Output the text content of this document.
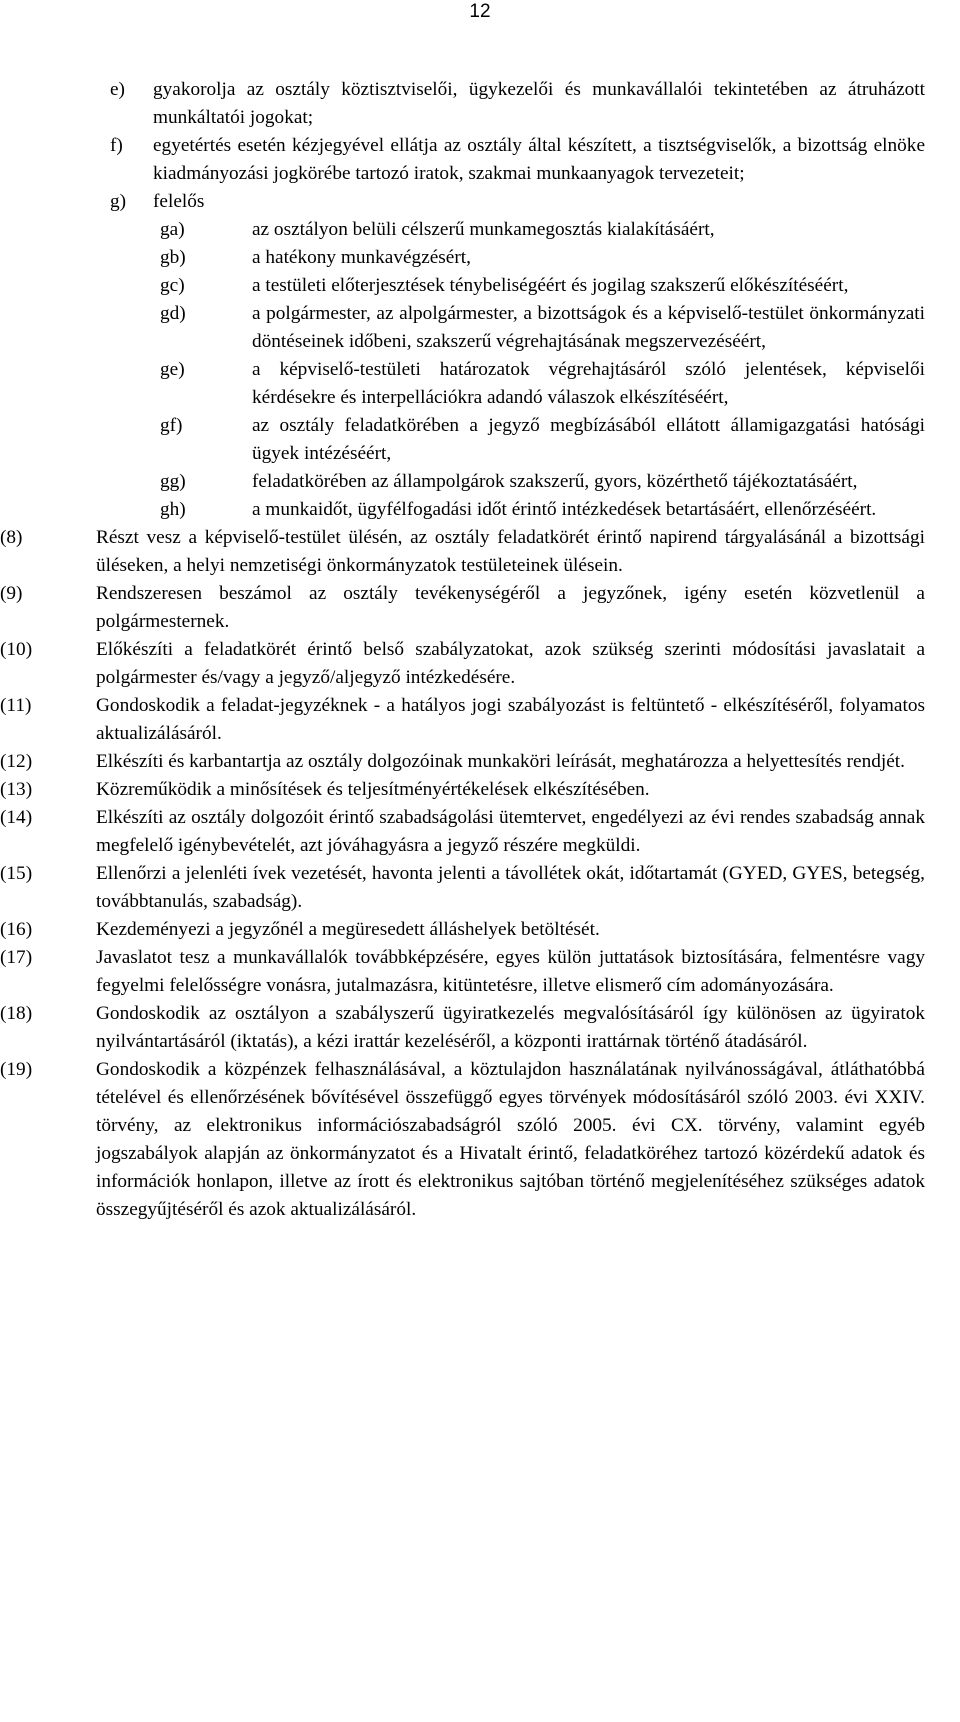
12
e) gyakorolja az osztály köztisztviselői, ügykezelői és munkavállalói tekintetében az átruházott munkáltatói jogokat;
f) egyetértés esetén kézjegyével ellátja az osztály által készített, a tisztségviselők, a bizottság elnöke kiadmányozási jogkörébe tartozó iratok, szakmai munkaanyagok tervezeteit;
g) felelős
ga)	az osztályon belüli célszerű munkamegosztás kialakításáért,
gb)	a hatékony munkavégzésért,
gc)	a testületi előterjesztések ténybeliségéért és jogilag szakszerű előkészítéséért,
gd)	a polgármester, az alpolgármester, a bizottságok és a képviselő-testület önkormányzati döntéseinek időbeni, szakszerű végrehajtásának megszervezéséért,
ge)	a képviselő-testületi határozatok végrehajtásáról szóló jelentések, képviselői kérdésekre és interpellációkra adandó válaszok elkészítéséért,
gf)	az osztály feladatkörében a jegyző megbízásából ellátott államigazgatási hatósági ügyek intézéséért,
gg)	feladatkörében az állampolgárok szakszerű, gyors, közérthető tájékoztatásáért,
gh)	a munkaidőt, ügyfélfogadási időt érintő intézkedések betartásáért, ellenőrzéséért.
(8)	Részt vesz a képviselő-testület ülésén, az osztály feladatkörét érintő napirend tárgyalásánál a bizottsági üléseken, a helyi nemzetiségi önkormányzatok testületeinek ülésein.
(9)	Rendszeresen beszámol az osztály tevékenységéről a jegyzőnek, igény esetén közvetlenül a polgármesternek.
(10)	Előkészíti a feladatkörét érintő belső szabályzatokat, azok szükség szerinti módosítási javaslatait a polgármester és/vagy a jegyző/aljegyző intézkedésére.
(11)	Gondoskodik a feladat-jegyzéknek - a hatályos jogi szabályozást is feltüntető - elkészítéséről, folyamatos aktualizálásáról.
(12)	Elkészíti és karbantartja az osztály dolgozóinak munkaköri leírását, meghatározza a helyettesítés rendjét.
(13)	Közreműködik a minősítések és teljesítményértékelések elkészítésében.
(14)	Elkészíti az osztály dolgozóit érintő szabadságolási ütemtervet, engedélyezi az évi rendes szabadság annak megfelelő igénybevételét, azt jóváhagyásra a jegyző részére megküldi.
(15)	Ellenőrzi a jelenléti ívek vezetését, havonta jelenti a távollétek okát, időtartamát (GYED, GYES, betegség, továbbtanulás, szabadság).
(16)	Kezdeményezi a jegyzőnél a megüresedett álláshelyek betöltését.
(17)	Javaslatot tesz a munkavállalók továbbképzésére, egyes külön juttatások biztosítására, felmentésre vagy fegyelmi felelősségre vonásra, jutalmazásra, kitüntetésre, illetve elismerő cím adományozására.
(18)	Gondoskodik az osztályon a szabályszerű ügyiratkezelés megvalósításáról így különösen az ügyiratok nyilvántartásáról (iktatás), a kézi irattár kezeléséről, a központi irattárnak történő átadásáról.
(19)	Gondoskodik a közpénzek felhasználásával, a köztulajdon használatának nyilvánosságával, átláthatóbbá tételével és ellenőrzésének bővítésével összefüggő egyes törvények módosításáról szóló 2003. évi XXIV. törvény, az elektronikus információszabadságról szóló 2005. évi CX. törvény, valamint egyéb jogszabályok alapján az önkormányzatot és a Hivatalt érintő, feladatköréhez tartozó közérdekű adatok és információk honlapon, illetve az írott és elektronikus sajtóban történő megjelenítéséhez szükséges adatok összegyűjtéséről és azok aktualizálásáról.
